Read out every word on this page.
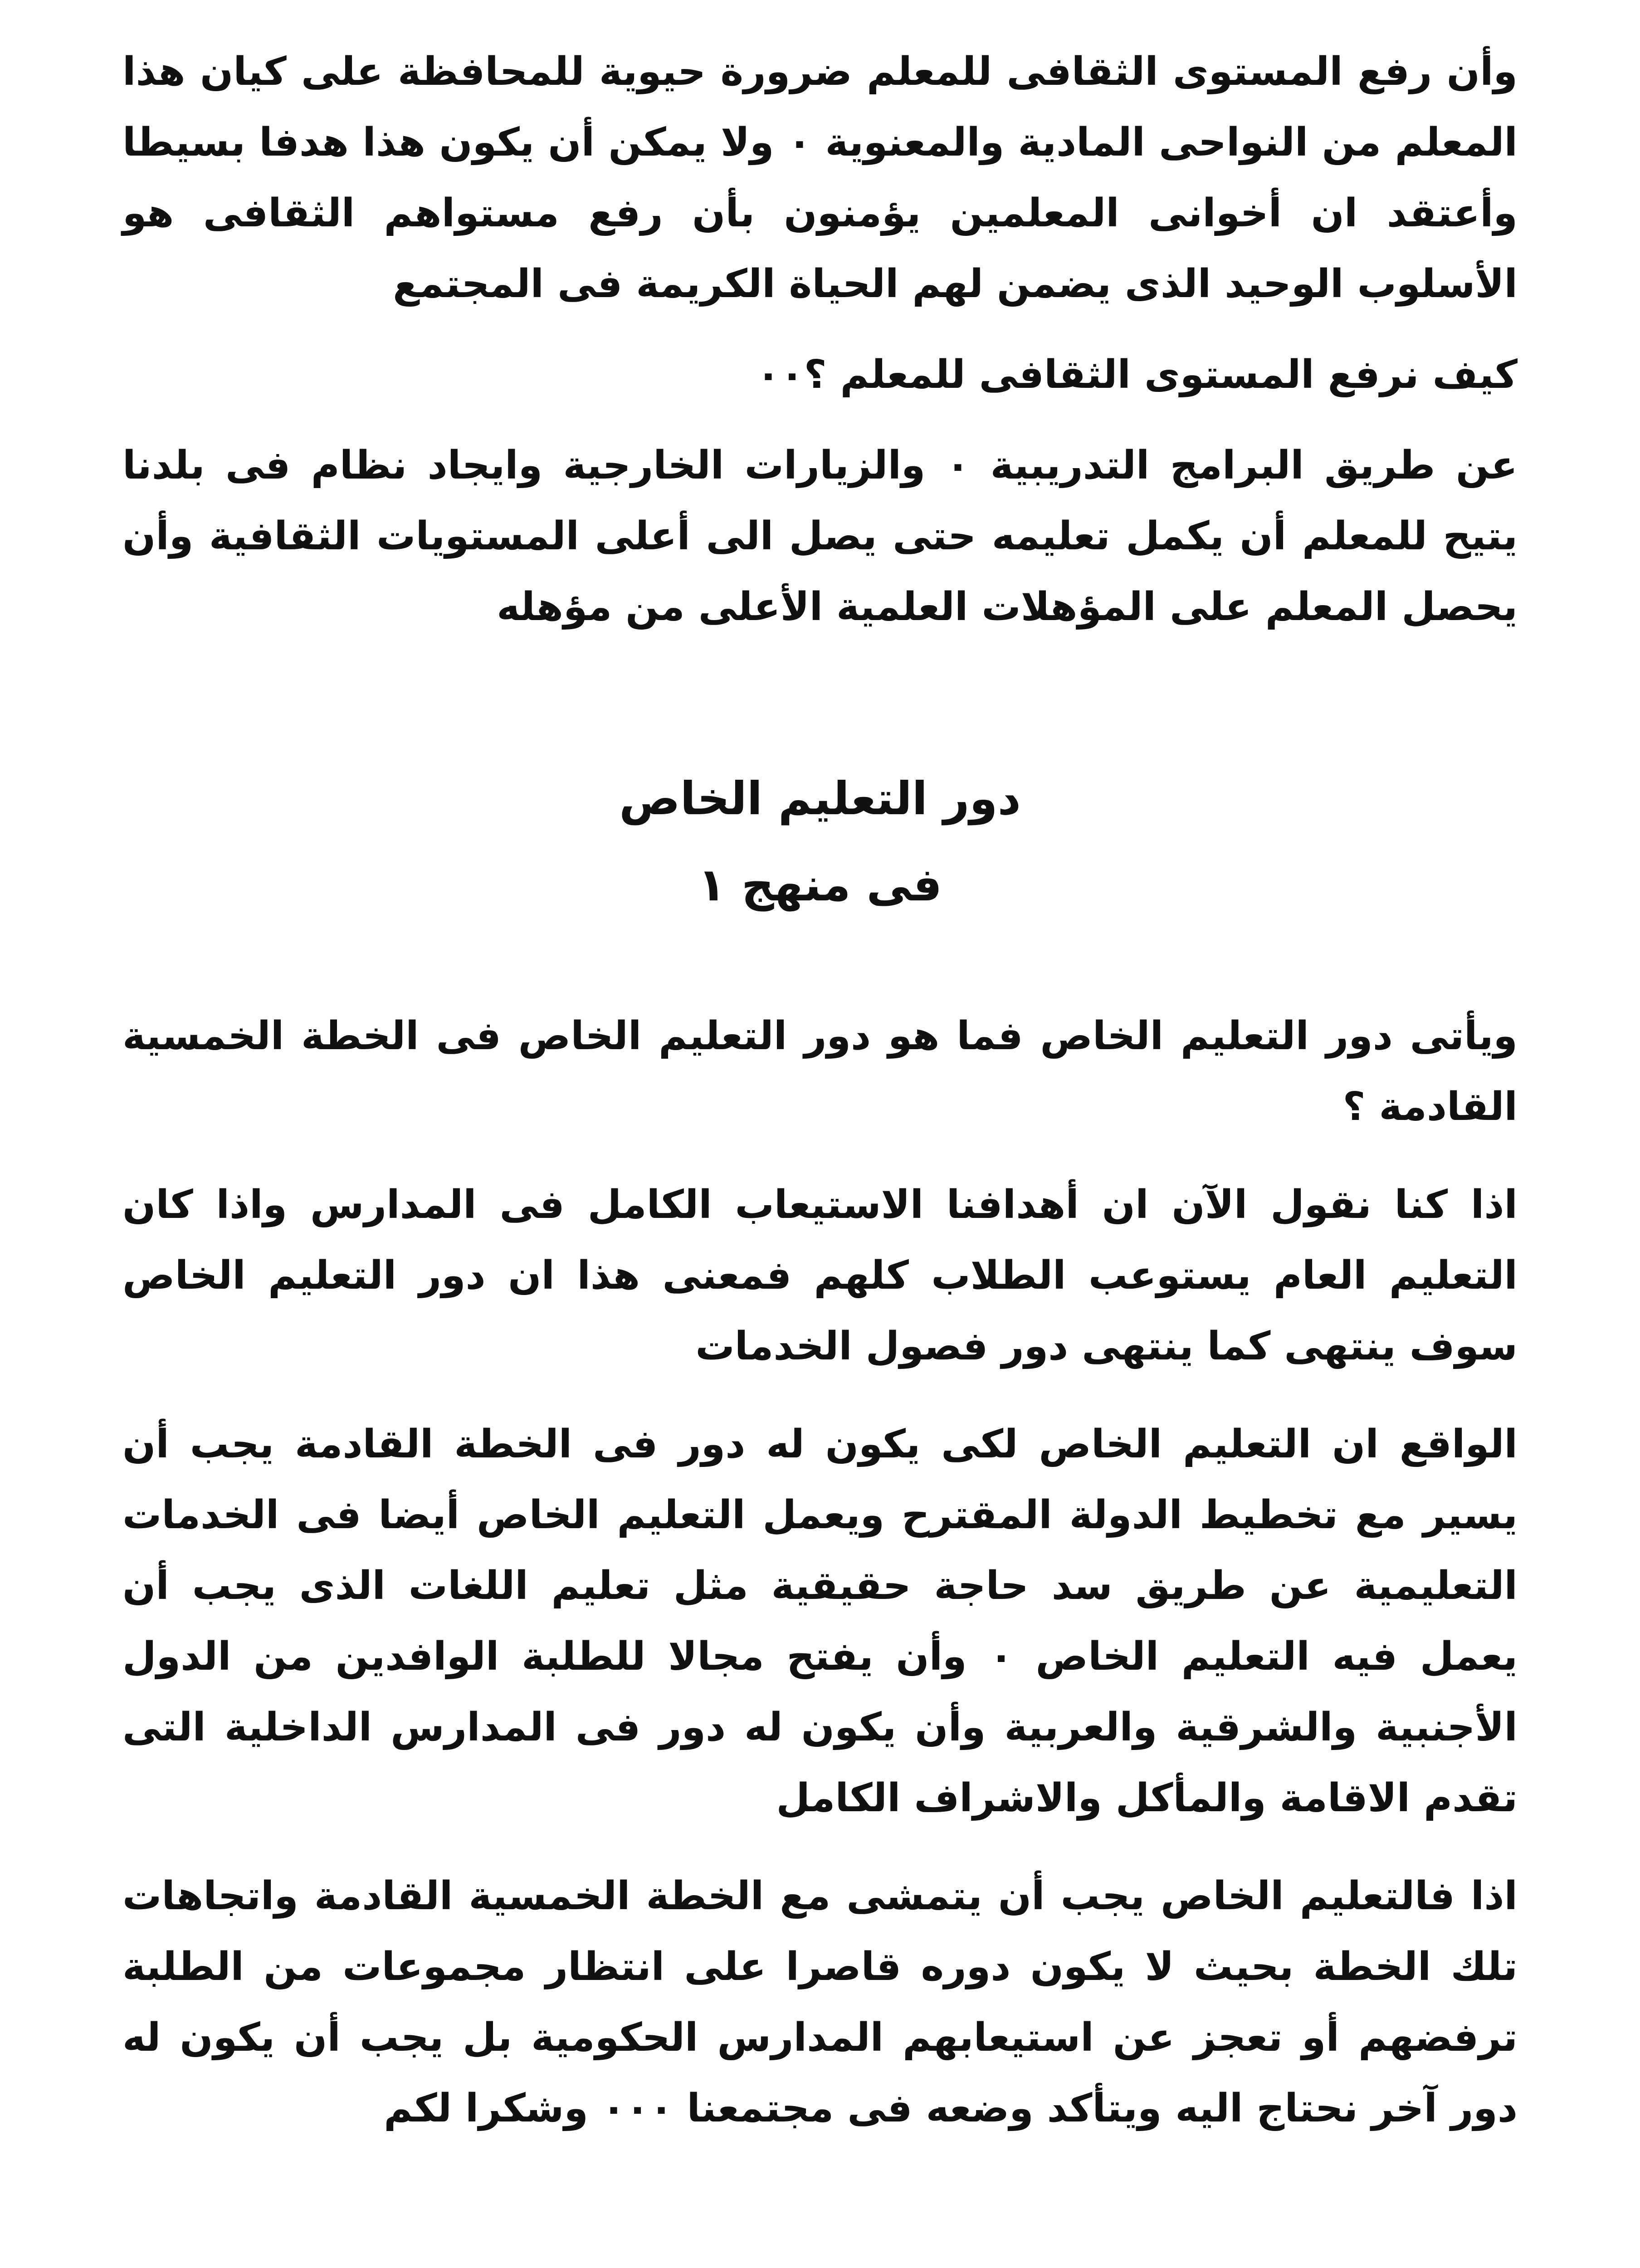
وأن رفع المستوى الثقافى للمعلم ضرورة حيوية للمحافظة على كيان هذا المعلم من النواحى المادية والمعنوية ٠ ولا يمكن أن يكون هذا هدفا بسيطا وأعتقد ان أخوانى المعلمين يؤمنون بأن رفع مستواهم الثقافى هو الأسلوب الوحيد الذى يضمن لهم الحياة الكريمة فى المجتمع

كيف نرفع المستوى الثقافى للمعلم ؟٠٠

عن طريق البرامج التدريبية ٠ والزيارات الخارجية وايجاد نظام فى بلدنا يتيح للمعلم أن يكمل تعليمه حتى يصل الى أعلى المستويات الثقافية وأن يحصل المعلم على المؤهلات العلمية الأعلى من مؤهله

دور التعليم الخاص

فى منهج ١

ويأتى دور التعليم الخاص فما هو دور التعليم الخاص فى الخطة الخمسية القادمة ؟

اذا كنا نقول الآن ان أهدافنا الاستيعاب الكامل فى المدارس واذا كان التعليم العام يستوعب الطلاب كلهم فمعنى هذا ان دور التعليم الخاص سوف ينتهى كما ينتهى دور فصول الخدمات

الواقع ان التعليم الخاص لكى يكون له دور فى الخطة القادمة يجب أن يسير مع تخطيط الدولة المقترح ويعمل التعليم الخاص أيضا فى الخدمات التعليمية عن طريق سد حاجة حقيقية مثل تعليم اللغات الذى يجب أن يعمل فيه التعليم الخاص ٠ وأن يفتح مجالا للطلبة الوافدين من الدول الأجنبية والشرقية والعربية وأن يكون له دور فى المدارس الداخلية التى تقدم الاقامة والمأكل والاشراف الكامل

اذا فالتعليم الخاص يجب أن يتمشى مع الخطة الخمسية القادمة واتجاهات تلك الخطة بحيث لا يكون دوره قاصرا على انتظار مجموعات من الطلبة ترفضهم أو تعجز عن استيعابهم المدارس الحكومية بل يجب أن يكون له دور آخر نحتاج اليه ويتأكد وضعه فى مجتمعنا ٠٠٠ وشكرا لكم
